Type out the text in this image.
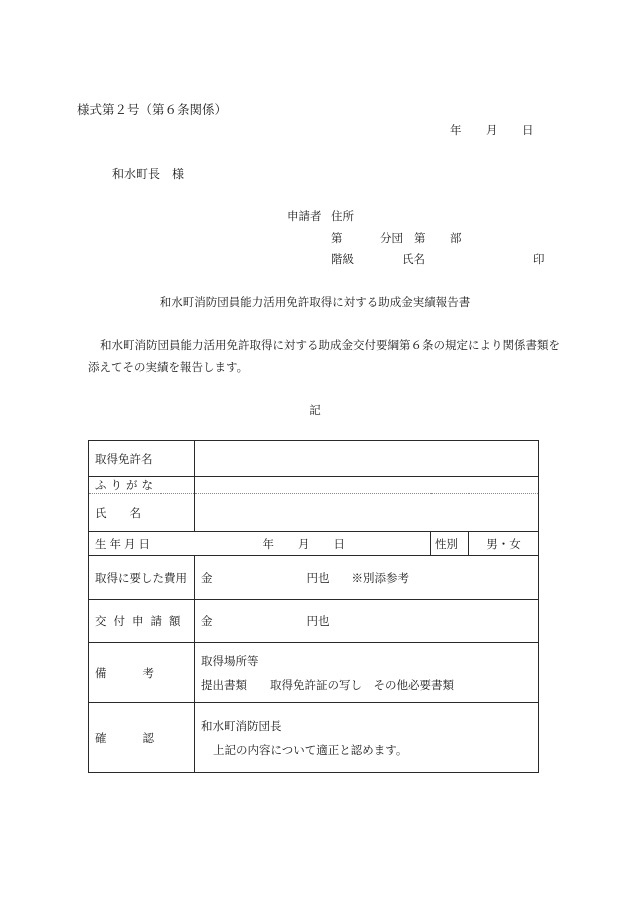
様式第２号（第６条関係）
年 月 日
和水町長　様
申請者 住所
第	分団 第 部
階級	氏名	印
和水町消防団員能力活用免許取得に対する助成金実績報告書
和水町消防団員能力活用免許取得に対する助成金交付要綱第６条の規定により関係書類を添えてその実績を報告します。
記
取得免許名				
ふりがな				
氏　　名				
生年月日	年 月 日		性別	男・女
取得に要した費用		金 円也 ※別添参考		
交付申請額		金 円也		
備 考		取得場所等
提出書類　　取得免許証の写し　その他必要書類		

確 認		和水町消防団長
上記の内容について適正と認めます。		
